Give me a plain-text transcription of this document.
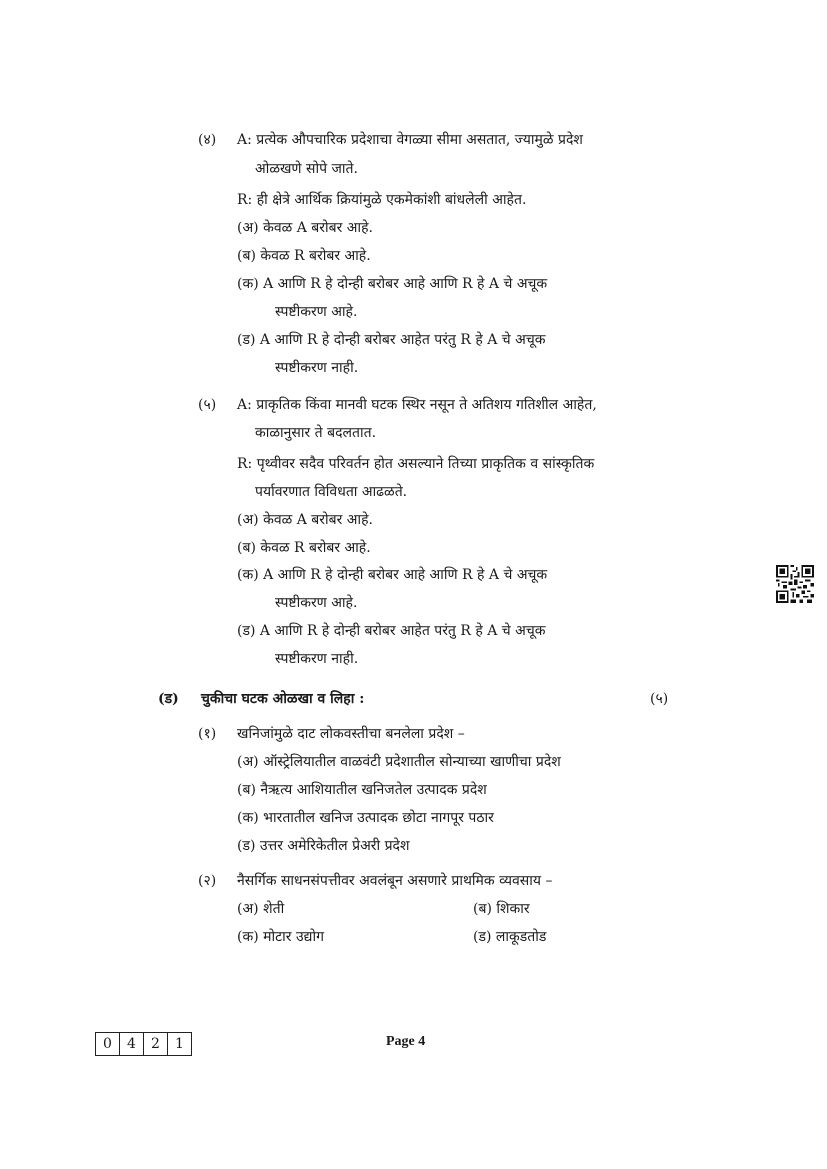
(४) A: प्रत्येक औपचारिक प्रदेशाचा वेगळ्या सीमा असतात, ज्यामुळे प्रदेश
ओळखणे सोपे जाते.
R: ही क्षेत्रे आर्थिक क्रियांमुळे एकमेकांशी बांधलेली आहेत.
(अ) केवळ A बरोबर आहे.
(ब) केवळ R बरोबर आहे.
(क) A आणि R हे दोन्ही बरोबर आहे आणि R हे A चे अचूक
स्पष्टीकरण आहे.
(ड) A आणि R हे दोन्ही बरोबर आहेत परंतु R हे A चे अचूक
स्पष्टीकरण नाही.
(५) A: प्राकृतिक किंवा मानवी घटक स्थिर नसून ते अतिशय गतिशील आहेत,
काळानुसार ते बदलतात.
R: पृथ्वीवर सदैव परिवर्तन होत असल्याने तिच्या प्राकृतिक व सांस्कृतिक
पर्यावरणात विविधता आढळते.
(अ) केवळ A बरोबर आहे.
(ब) केवळ R बरोबर आहे.
(क) A आणि R हे दोन्ही बरोबर आहे आणि R हे A चे अचूक
स्पष्टीकरण आहे.
(ड) A आणि R हे दोन्ही बरोबर आहेत परंतु R हे A चे अचूक
स्पष्टीकरण नाही.
(ड) चुकीचा घटक ओळखा व लिहा :	(५)
(१) खनिजांमुळे दाट लोकवस्तीचा बनलेला प्रदेश –
(अ) ऑस्ट्रेलियातील वाळवंटी प्रदेशातील सोन्याच्या खाणीचा प्रदेश
(ब) नैऋत्य आशियातील खनिजतेल उत्पादक प्रदेश
(क) भारतातील खनिज उत्पादक छोटा नागपूर पठार
(ड) उत्तर अमेरिकेतील प्रेअरी प्रदेश
(२) नैसर्गिक साधनसंपत्तीवर अवलंबून असणारे प्राथमिक व्यवसाय –
(अ) शेती	(ब) शिकार
(क) मोटार उद्योग	(ड) लाकूडतोड
0	4	2	1	Page 4
